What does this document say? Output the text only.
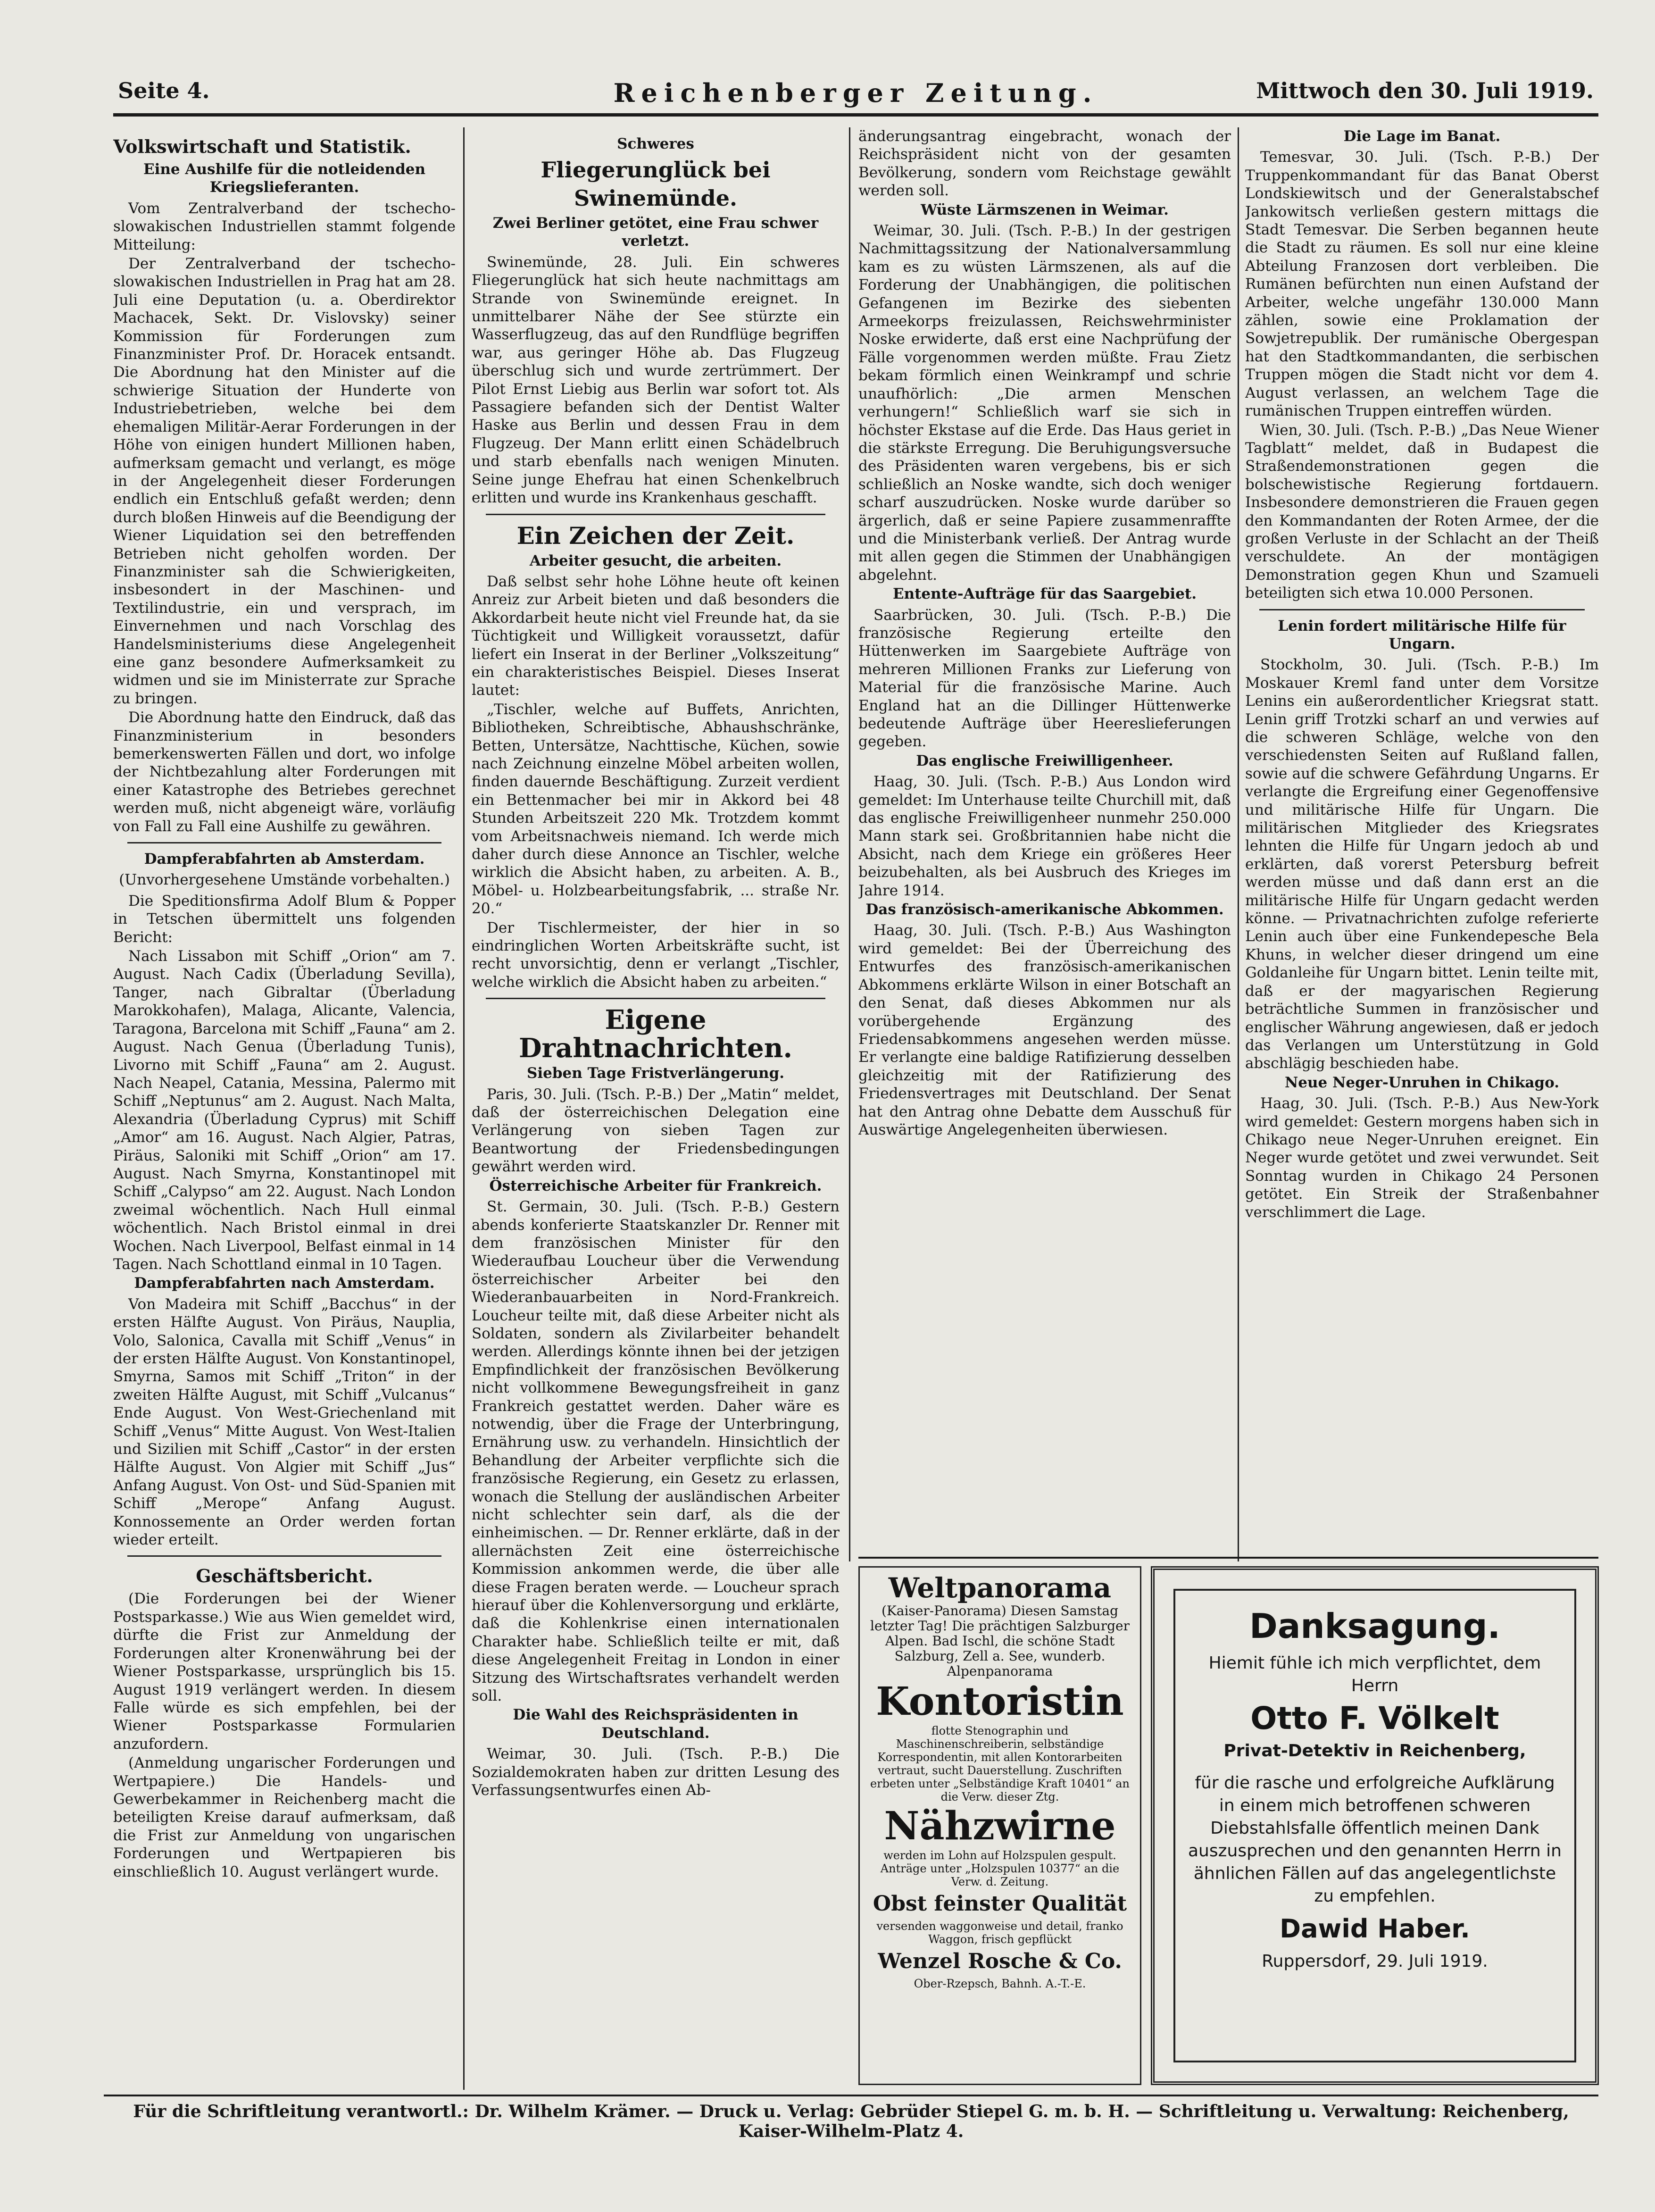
Seite 4.	Reichenberger Zeitung.	Mittwoch den 30. Juli 1919.
Volkswirtschaft und Statistik.
Eine Aushilfe für die notleidenden Kriegslieferanten.

Vom Zentralverband der tschecho-slowakischen Industriellen stammt folgende Mitteilung:

Der Zentralverband der tschecho-slowakischen Industriellen in Prag hat am 28. Juli eine Deputation (u. a. Oberdirektor Machacek, Sekt. Dr. Vislovsky) seiner Kommission für Forderungen zum Finanzminister Prof. Dr. Horacek entsandt. Die Abordnung hat den Minister auf die schwierige Situation der Hunderte von Industriebetrieben, welche bei dem ehemaligen Militär-Aerar Forderungen in der Höhe von einigen hundert Millionen haben, aufmerksam gemacht und verlangt, es möge in der Angelegenheit dieser Forderungen endlich ein Entschluß gefaßt werden; denn durch bloßen Hinweis auf die Beendigung der Wiener Liquidation sei den betreffenden Betrieben nicht geholfen worden. Der Finanzminister sah die Schwierigkeiten, insbesondert in der Maschinen- und Textilindustrie, ein und versprach, im Einvernehmen und nach Vorschlag des Handelsministeriums diese Angelegenheit eine ganz besondere Aufmerksamkeit zu widmen und sie im Ministerrate zur Sprache zu bringen.

Die Abordnung hatte den Eindruck, daß das Finanzministerium in besonders bemerkenswerten Fällen und dort, wo infolge der Nichtbezahlung alter Forderungen mit einer Katastrophe des Betriebes gerechnet werden muß, nicht abgeneigt wäre, vorläufig von Fall zu Fall eine Aushilfe zu gewähren.

Dampferabfahrten ab Amsterdam.
(Unvorhergesehene Umstände vorbehalten.)

Die Speditionsfirma Adolf Blum & Popper in Tetschen übermittelt uns folgenden Bericht:

Nach Lissabon mit Schiff „Orion“ am 7. August. Nach Cadix (Überladung Sevilla), Tanger, nach Gibraltar (Überladung Marokkohafen), Malaga, Alicante, Valencia, Taragona, Barcelona mit Schiff „Fauna“ am 2. August. Nach Genua (Überladung Tunis), Livorno mit Schiff „Fauna“ am 2. August. Nach Neapel, Catania, Messina, Palermo mit Schiff „Neptunus“ am 2. August. Nach Malta, Alexandria (Überladung Cyprus) mit Schiff „Amor“ am 16. August. Nach Algier, Patras, Piräus, Saloniki mit Schiff „Orion“ am 17. August. Nach Smyrna, Konstantinopel mit Schiff „Calypso“ am 22. August. Nach London zweimal wöchentlich. Nach Hull einmal wöchentlich. Nach Bristol einmal in drei Wochen. Nach Liverpool, Belfast einmal in 14 Tagen. Nach Schottland einmal in 10 Tagen.

Dampferabfahrten nach Amsterdam.

Von Madeira mit Schiff „Bacchus“ in der ersten Hälfte August. Von Piräus, Nauplia, Volo, Salonica, Cavalla mit Schiff „Venus“ in der ersten Hälfte August. Von Konstantinopel, Smyrna, Samos mit Schiff „Triton“ in der zweiten Hälfte August, mit Schiff „Vulcanus“ Ende August. Von West-Griechenland mit Schiff „Venus“ Mitte August. Von West-Italien und Sizilien mit Schiff „Castor“ in der ersten Hälfte August. Von Algier mit Schiff „Jus“ Anfang August. Von Ost- und Süd-Spanien mit Schiff „Merope“ Anfang August. Konnossemente an Order werden fortan wieder erteilt.

Geschäftsbericht.

(Die Forderungen bei der Wiener Postsparkasse.) Wie aus Wien gemeldet wird, dürfte die Frist zur Anmeldung der Forderungen alter Kronenwährung bei der Wiener Postsparkasse, ursprünglich bis 15. August 1919 verlängert werden. In diesem Falle würde es sich empfehlen, bei der Wiener Postsparkasse Formularien anzufordern.

(Anmeldung ungarischer Forderungen und Wertpapiere.) Die Handels- und Gewerbekammer in Reichenberg macht die beteiligten Kreise darauf aufmerksam, daß die Frist zur Anmeldung von ungarischen Forderungen und Wertpapieren bis einschließlich 10. August verlängert wurde.

Schweres
Fliegerunglück bei Swinemünde.
Zwei Berliner getötet, eine Frau schwer verletzt.

Swinemünde, 28. Juli. Ein schweres Fliegerunglück hat sich heute nachmittags am Strande von Swinemünde ereignet. In unmittelbarer Nähe der See stürzte ein Wasserflugzeug, das auf den Rundflüge begriffen war, aus geringer Höhe ab. Das Flugzeug überschlug sich und wurde zertrümmert. Der Pilot Ernst Liebig aus Berlin war sofort tot. Als Passagiere befanden sich der Dentist Walter Haske aus Berlin und dessen Frau in dem Flugzeug. Der Mann erlitt einen Schädelbruch und starb ebenfalls nach wenigen Minuten. Seine junge Ehefrau hat einen Schenkelbruch erlitten und wurde ins Krankenhaus geschafft.

Ein Zeichen der Zeit.
Arbeiter gesucht, die arbeiten.

Daß selbst sehr hohe Löhne heute oft keinen Anreiz zur Arbeit bieten und daß besonders die Akkordarbeit heute nicht viel Freunde hat, da sie Tüchtigkeit und Willigkeit voraussetzt, dafür liefert ein Inserat in der Berliner „Volkszeitung“ ein charakteristisches Beispiel. Dieses Inserat lautet:

„Tischler, welche auf Buffets, Anrichten, Bibliotheken, Schreibtische, Abhaushschränke, Betten, Untersätze, Nachttische, Küchen, sowie nach Zeichnung einzelne Möbel arbeiten wollen, finden dauernde Beschäftigung. Zurzeit verdient ein Bettenmacher bei mir in Akkord bei 48 Stunden Arbeitszeit 220 Mk. Trotzdem kommt vom Arbeitsnachweis niemand. Ich werde mich daher durch diese Annonce an Tischler, welche wirklich die Absicht haben, zu arbeiten. A. B., Möbel- u. Holzbearbeitungsfabrik, ... straße Nr. 20.“

Der Tischlermeister, der hier in so eindringlichen Worten Arbeitskräfte sucht, ist recht unvorsichtig, denn er verlangt „Tischler, welche wirklich die Absicht haben zu arbeiten.“

Eigene Drahtnachrichten.
Sieben Tage Fristverlängerung.

Paris, 30. Juli. (Tsch. P.-B.) Der „Matin“ meldet, daß der österreichischen Delegation eine Verlängerung von sieben Tagen zur Beantwortung der Friedensbedingungen gewährt werden wird.

Österreichische Arbeiter für Frankreich.

St. Germain, 30. Juli. (Tsch. P.-B.) Gestern abends konferierte Staatskanzler Dr. Renner mit dem französischen Minister für den Wiederaufbau Loucheur über die Verwendung österreichischer Arbeiter bei den Wiederanbauarbeiten in Nord-Frankreich. Loucheur teilte mit, daß diese Arbeiter nicht als Soldaten, sondern als Zivilarbeiter behandelt werden. Allerdings könnte ihnen bei der jetzigen Empfindlichkeit der französischen Bevölkerung nicht vollkommene Bewegungsfreiheit in ganz Frankreich gestattet werden. Daher wäre es notwendig, über die Frage der Unterbringung, Ernährung usw. zu verhandeln. Hinsichtlich der Behandlung der Arbeiter verpflichte sich die französische Regierung, ein Gesetz zu erlassen, wonach die Stellung der ausländischen Arbeiter nicht schlechter sein darf, als die der einheimischen. — Dr. Renner erklärte, daß in der allernächsten Zeit eine österreichische Kommission ankommen werde, die über alle diese Fragen beraten werde. — Loucheur sprach hierauf über die Kohlenversorgung und erklärte, daß die Kohlenkrise einen internationalen Charakter habe. Schließlich teilte er mit, daß diese Angelegenheit Freitag in London in einer Sitzung des Wirtschaftsrates verhandelt werden soll.

Die Wahl des Reichspräsidenten in Deutschland.

Weimar, 30. Juli. (Tsch. P.-B.) Die Sozialdemokraten haben zur dritten Lesung des Verfassungsentwurfes einen Ab-

änderungsantrag eingebracht, wonach der Reichspräsident nicht von der gesamten Bevölkerung, sondern vom Reichstage gewählt werden soll.

Wüste Lärmszenen in Weimar.

Weimar, 30. Juli. (Tsch. P.-B.) In der gestrigen Nachmittagssitzung der Nationalversammlung kam es zu wüsten Lärmszenen, als auf die Forderung der Unabhängigen, die politischen Gefangenen im Bezirke des siebenten Armeekorps freizulassen, Reichswehrminister Noske erwiderte, daß erst eine Nachprüfung der Fälle vorgenommen werden müßte. Frau Zietz bekam förmlich einen Weinkrampf und schrie unaufhörlich: „Die armen Menschen verhungern!“ Schließlich warf sie sich in höchster Ekstase auf die Erde. Das Haus geriet in die stärkste Erregung. Die Beruhigungsversuche des Präsidenten waren vergebens, bis er sich schließlich an Noske wandte, sich doch weniger scharf auszudrücken. Noske wurde darüber so ärgerlich, daß er seine Papiere zusammenraffte und die Ministerbank verließ. Der Antrag wurde mit allen gegen die Stimmen der Unabhängigen abgelehnt.

Entente-Aufträge für das Saargebiet.

Saarbrücken, 30. Juli. (Tsch. P.-B.) Die französische Regierung erteilte den Hüttenwerken im Saargebiete Aufträge von mehreren Millionen Franks zur Lieferung von Material für die französische Marine. Auch England hat an die Dillinger Hüttenwerke bedeutende Aufträge über Heereslieferungen gegeben.

Das englische Freiwilligenheer.

Haag, 30. Juli. (Tsch. P.-B.) Aus London wird gemeldet: Im Unterhause teilte Churchill mit, daß das englische Freiwilligenheer nunmehr 250.000 Mann stark sei. Großbritannien habe nicht die Absicht, nach dem Kriege ein größeres Heer beizubehalten, als bei Ausbruch des Krieges im Jahre 1914.

Das französisch-amerikanische Abkommen.

Haag, 30. Juli. (Tsch. P.-B.) Aus Washington wird gemeldet: Bei der Überreichung des Entwurfes des französisch-amerikanischen Abkommens erklärte Wilson in einer Botschaft an den Senat, daß dieses Abkommen nur als vorübergehende Ergänzung des Friedensabkommens angesehen werden müsse. Er verlangte eine baldige Ratifizierung desselben gleichzeitig mit der Ratifizierung des Friedensvertrages mit Deutschland. Der Senat hat den Antrag ohne Debatte dem Ausschuß für Auswärtige Angelegenheiten überwiesen.

Die Lage im Banat.

Temesvar, 30. Juli. (Tsch. P.-B.) Der Truppenkommandant für das Banat Oberst Londskiewitsch und der Generalstabschef Jankowitsch verließen gestern mittags die Stadt Temesvar. Die Serben begannen heute die Stadt zu räumen. Es soll nur eine kleine Abteilung Franzosen dort verbleiben. Die Rumänen befürchten nun einen Aufstand der Arbeiter, welche ungefähr 130.000 Mann zählen, sowie eine Proklamation der Sowjetrepublik. Der rumänische Obergespan hat den Stadtkommandanten, die serbischen Truppen mögen die Stadt nicht vor dem 4. August verlassen, an welchem Tage die rumänischen Truppen eintreffen würden.

Wien, 30. Juli. (Tsch. P.-B.) „Das Neue Wiener Tagblatt“ meldet, daß in Budapest die Straßendemonstrationen gegen die bolschewistische Regierung fortdauern. Insbesondere demonstrieren die Frauen gegen den Kommandanten der Roten Armee, der die großen Verluste in der Schlacht an der Theiß verschuldete. An der montägigen Demonstration gegen Khun und Szamueli beteiligten sich etwa 10.000 Personen.

Lenin fordert militärische Hilfe für Ungarn.

Stockholm, 30. Juli. (Tsch. P.-B.) Im Moskauer Kreml fand unter dem Vorsitze Lenins ein außerordentlicher Kriegsrat statt. Lenin griff Trotzki scharf an und verwies auf die schweren Schläge, welche von den verschiedensten Seiten auf Rußland fallen, sowie auf die schwere Gefährdung Ungarns. Er verlangte die Ergreifung einer Gegenoffensive und militärische Hilfe für Ungarn. Die militärischen Mitglieder des Kriegsrates lehnten die Hilfe für Ungarn jedoch ab und erklärten, daß vorerst Petersburg befreit werden müsse und daß dann erst an die militärische Hilfe für Ungarn gedacht werden könne. — Privatnachrichten zufolge referierte Lenin auch über eine Funkendepesche Bela Khuns, in welcher dieser dringend um eine Goldanleihe für Ungarn bittet. Lenin teilte mit, daß er der magyarischen Regierung beträchtliche Summen in französischer und englischer Währung angewiesen, daß er jedoch das Verlangen um Unterstützung in Gold abschlägig beschieden habe.

Neue Neger-Unruhen in Chikago.

Haag, 30. Juli. (Tsch. P.-B.) Aus New-York wird gemeldet: Gestern morgens haben sich in Chikago neue Neger-Unruhen ereignet. Ein Neger wurde getötet und zwei verwundet. Seit Sonntag wurden in Chikago 24 Personen getötet. Ein Streik der Straßenbahner verschlimmert die Lage.

Weltpanorama
(Kaiser-Panorama) Diesen Samstag letzter Tag! Die prächtigen Salzburger Alpen. Bad Ischl, die schöne Stadt Salzburg, Zell a. See, wunderb. Alpenpanorama
Kontoristin
flotte Stenographin und Maschinenschreiberin, selbständige Korrespondentin, mit allen Kontorarbeiten vertraut, sucht Dauerstellung. Zuschriften erbeten unter „Selbständige Kraft 10401“ an die Verw. dieser Ztg.
Nähzwirne
werden im Lohn auf Holzspulen gespult. Anträge unter „Holzspulen 10377“ an die Verw. d. Zeitung.
Obst feinster Qualität
versenden waggonweise und detail, franko Waggon, frisch gepflückt
Wenzel Rosche & Co.
Ober-Rzepsch, Bahnh. A.-T.-E.
Danksagung.
Hiemit fühle ich mich verpflichtet, dem Herrn
Otto F. Völkelt
Privat-Detektiv in Reichenberg,
für die rasche und erfolgreiche Aufklärung in einem mich betroffenen schweren Diebstahlsfalle öffentlich meinen Dank auszusprechen und den genannten Herrn in ähnlichen Fällen auf das angelegentlichste zu empfehlen.
Dawid Haber.
Ruppersdorf, 29. Juli 1919.
Für die Schriftleitung verantwortl.: Dr. Wilhelm Krämer. — Druck u. Verlag: Gebrüder Stiepel G. m. b. H. — Schriftleitung u. Verwaltung: Reichenberg, Kaiser-Wilhelm-Platz 4.
